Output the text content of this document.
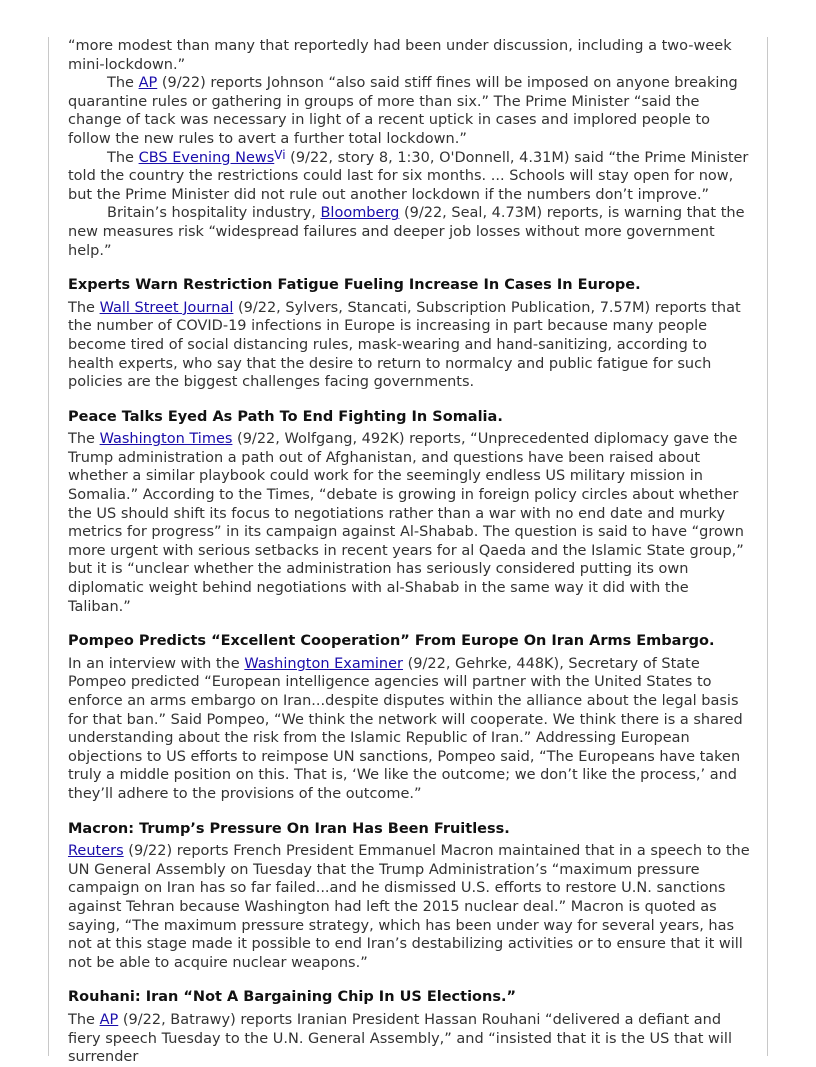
“more modest than many that reportedly had been under discussion, including a two-week mini-lockdown.”

The AP (9/22) reports Johnson “also said stiff fines will be imposed on anyone breaking quarantine rules or gathering in groups of more than six.” The Prime Minister “said the change of tack was necessary in light of a recent uptick in cases and implored people to follow the new rules to avert a further total lockdown.”

The CBS Evening News$^{Vi}$ (9/22, story 8, 1:30, O'Donnell, 4.31M) said “the Prime Minister told the country the restrictions could last for six months. ... Schools will stay open for now, but the Prime Minister did not rule out another lockdown if the numbers don’t improve.”

Britain’s hospitality industry, Bloomberg (9/22, Seal, 4.73M) reports, is warning that the new measures risk “widespread failures and deeper job losses without more government help.”

Experts Warn Restriction Fatigue Fueling Increase In Cases In Europe.

The Wall Street Journal (9/22, Sylvers, Stancati, Subscription Publication, 7.57M) reports that the number of COVID-19 infections in Europe is increasing in part because many people become tired of social distancing rules, mask-wearing and hand-sanitizing, according to health experts, who say that the desire to return to normalcy and public fatigue for such policies are the biggest challenges facing governments.

Peace Talks Eyed As Path To End Fighting In Somalia.

The Washington Times (9/22, Wolfgang, 492K) reports, “Unprecedented diplomacy gave the Trump administration a path out of Afghanistan, and questions have been raised about whether a similar playbook could work for the seemingly endless US military mission in Somalia.” According to the Times, “debate is growing in foreign policy circles about whether the US should shift its focus to negotiations rather than a war with no end date and murky metrics for progress” in its campaign against Al-Shabab. The question is said to have “grown more urgent with serious setbacks in recent years for al Qaeda and the Islamic State group,” but it is “unclear whether the administration has seriously considered putting its own diplomatic weight behind negotiations with al-Shabab in the same way it did with the Taliban.”

Pompeo Predicts “Excellent Cooperation” From Europe On Iran Arms Embargo.

In an interview with the Washington Examiner (9/22, Gehrke, 448K), Secretary of State Pompeo predicted “European intelligence agencies will partner with the United States to enforce an arms embargo on Iran...despite disputes within the alliance about the legal basis for that ban.” Said Pompeo, “We think the network will cooperate. We think there is a shared understanding about the risk from the Islamic Republic of Iran.” Addressing European objections to US efforts to reimpose UN sanctions, Pompeo said, “The Europeans have taken truly a middle position on this. That is, ‘We like the outcome; we don’t like the process,’ and they’ll adhere to the provisions of the outcome.”

Macron: Trump’s Pressure On Iran Has Been Fruitless.

Reuters (9/22) reports French President Emmanuel Macron maintained that in a speech to the UN General Assembly on Tuesday that the Trump Administration’s “maximum pressure campaign on Iran has so far failed...and he dismissed U.S. efforts to restore U.N. sanctions against Tehran because Washington had left the 2015 nuclear deal.” Macron is quoted as saying, “The maximum pressure strategy, which has been under way for several years, has not at this stage made it possible to end Iran’s destabilizing activities or to ensure that it will not be able to acquire nuclear weapons.”

Rouhani: Iran “Not A Bargaining Chip In US Elections.”

The AP (9/22, Batrawy) reports Iranian President Hassan Rouhani “delivered a defiant and fiery speech Tuesday to the U.N. General Assembly,” and “insisted that it is the US that will surrender
